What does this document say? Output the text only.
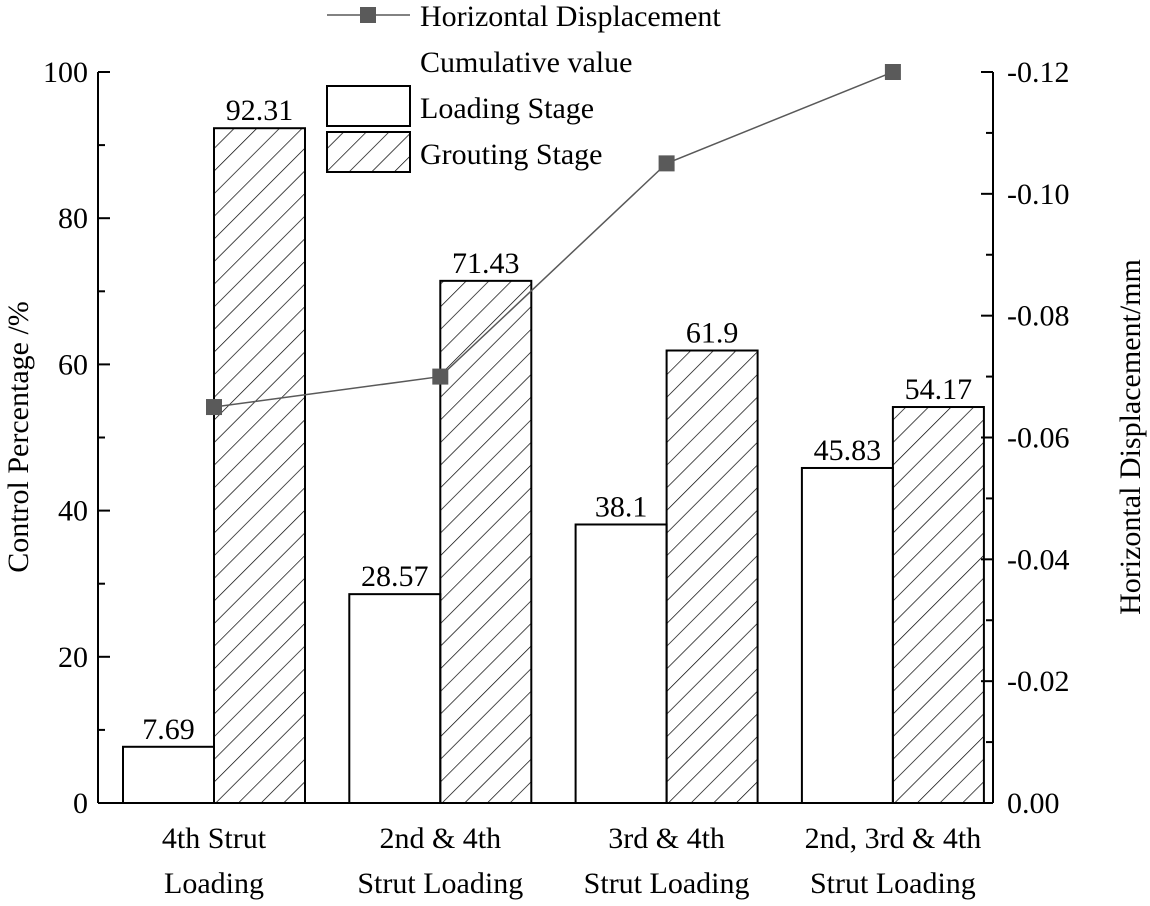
7.69
28.57
38.1
45.83
92.31
71.43
61.9
54.17
0
20
40
60
80
100
0.00
-0.02
-0.04
-0.06
-0.08
-0.10
-0.12
4th Strut
Loading
2nd & 4th
Strut Loading
3rd & 4th
Strut Loading
2nd, 3rd & 4th
Strut Loading
Control Percentage /%	Horizontal Displacement/mm
Horizontal Displacement
Cumulative value
Loading Stage
Grouting Stage
